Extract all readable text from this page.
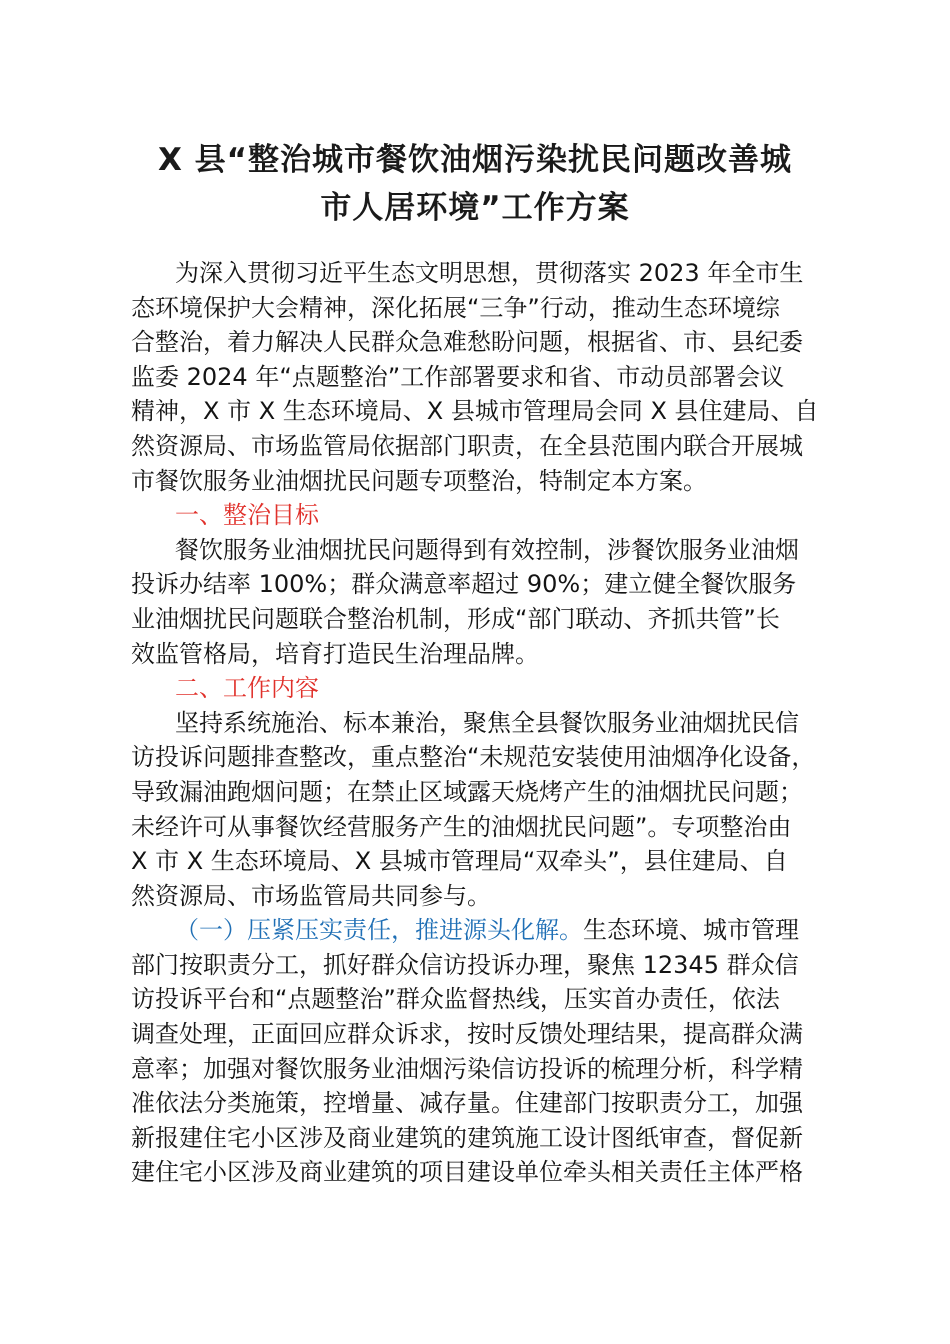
X 县“整治城市餐饮油烟污染扰民问题改善城
市人居环境”工作方案
为深入贯彻习近平生态文明思想，贯彻落实 2023 年全市生
态环境保护大会精神，深化拓展“三争”行动，推动生态环境综
合整治，着力解决人民群众急难愁盼问题，根据省、市、县纪委
监委 2024 年“点题整治”工作部署要求和省、市动员部署会议
精神，X 市 X 生态环境局、X 县城市管理局会同 X 县住建局、自
然资源局、市场监管局依据部门职责，在全县范围内联合开展城
市餐饮服务业油烟扰民问题专项整治，特制定本方案。
一、整治目标
餐饮服务业油烟扰民问题得到有效控制，涉餐饮服务业油烟
投诉办结率 100%；群众满意率超过 90%；建立健全餐饮服务
业油烟扰民问题联合整治机制，形成“部门联动、齐抓共管”长
效监管格局，培育打造民生治理品牌。
二、工作内容
坚持系统施治、标本兼治，聚焦全县餐饮服务业油烟扰民信
访投诉问题排查整改，重点整治“未规范安装使用油烟净化设备，
导致漏油跑烟问题；在禁止区域露天烧烤产生的油烟扰民问题；
未经许可从事餐饮经营服务产生的油烟扰民问题”。专项整治由
X 市 X 生态环境局、X 县城市管理局“双牵头”，县住建局、自
然资源局、市场监管局共同参与。
（一）压紧压实责任，推进源头化解。生态环境、城市管理
部门按职责分工，抓好群众信访投诉办理，聚焦 12345 群众信
访投诉平台和“点题整治”群众监督热线，压实首办责任，依法
调查处理，正面回应群众诉求，按时反馈处理结果，提高群众满
意率；加强对餐饮服务业油烟污染信访投诉的梳理分析，科学精
准依法分类施策，控增量、减存量。住建部门按职责分工，加强
新报建住宅小区涉及商业建筑的建筑施工设计图纸审查，督促新
建住宅小区涉及商业建筑的项目建设单位牵头相关责任主体严格
